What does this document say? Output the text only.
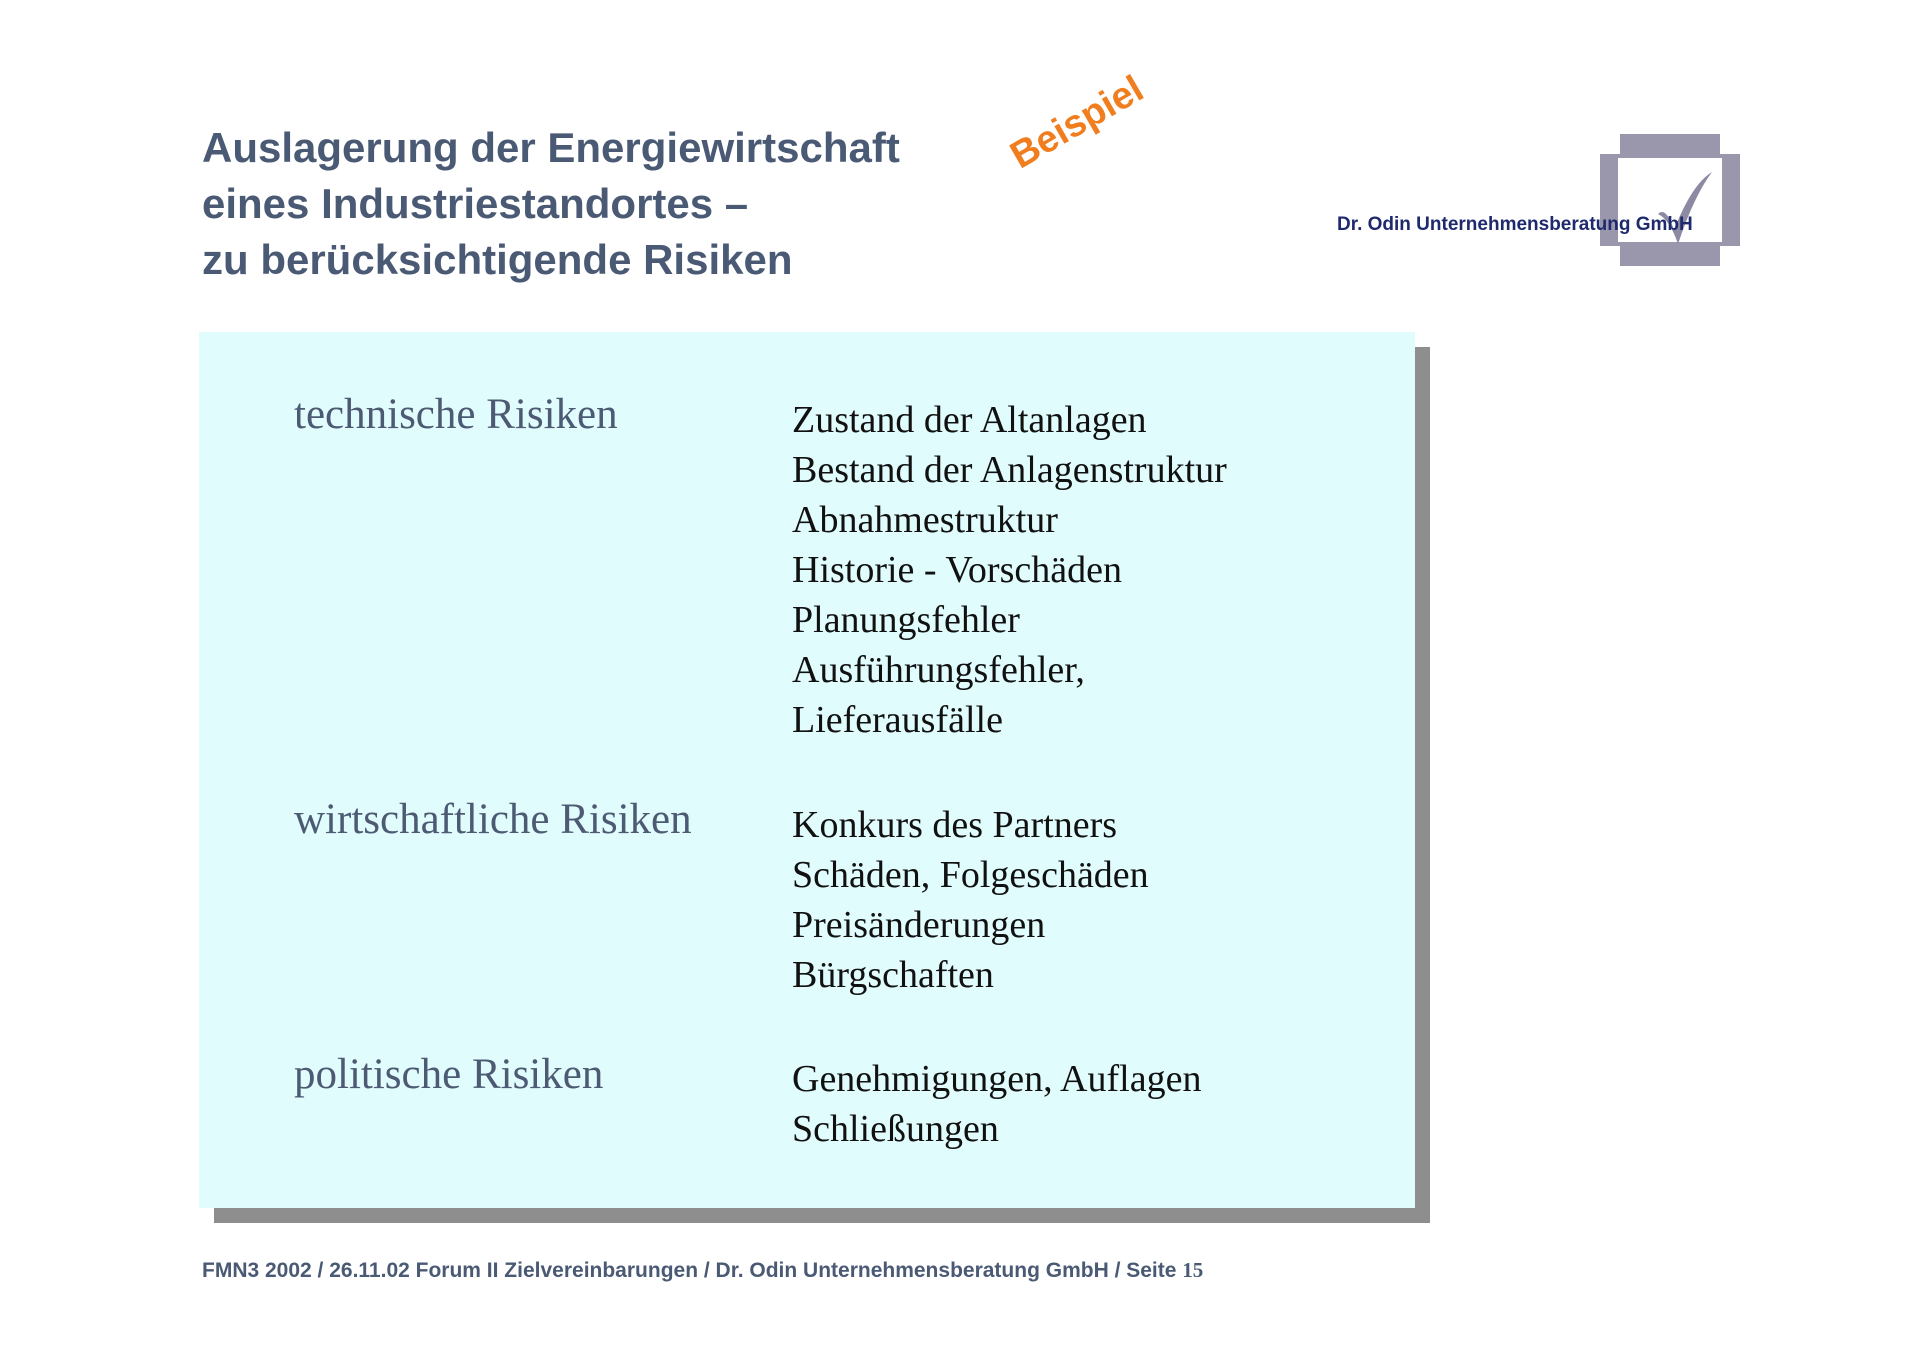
Auslagerung der Energiewirtschaft
eines Industriestandortes –
zu berücksichtigende Risiken
Beispiel
Dr. Odin Unternehmensberatung GmbH
technische Risiken	Zustand der Altanlagen
Bestand der Anlagenstruktur
Abnahmestruktur
Historie - Vorschäden
Planungsfehler
Ausführungsfehler,
Lieferausfälle
wirtschaftliche Risiken	Konkurs des Partners
Schäden, Folgeschäden
Preisänderungen
Bürgschaften
politische Risiken	Genehmigungen, Auflagen
Schließungen
FMN3 2002 / 26.11.02 Forum II Zielvereinbarungen / Dr. Odin Unternehmensberatung GmbH / Seite 15
